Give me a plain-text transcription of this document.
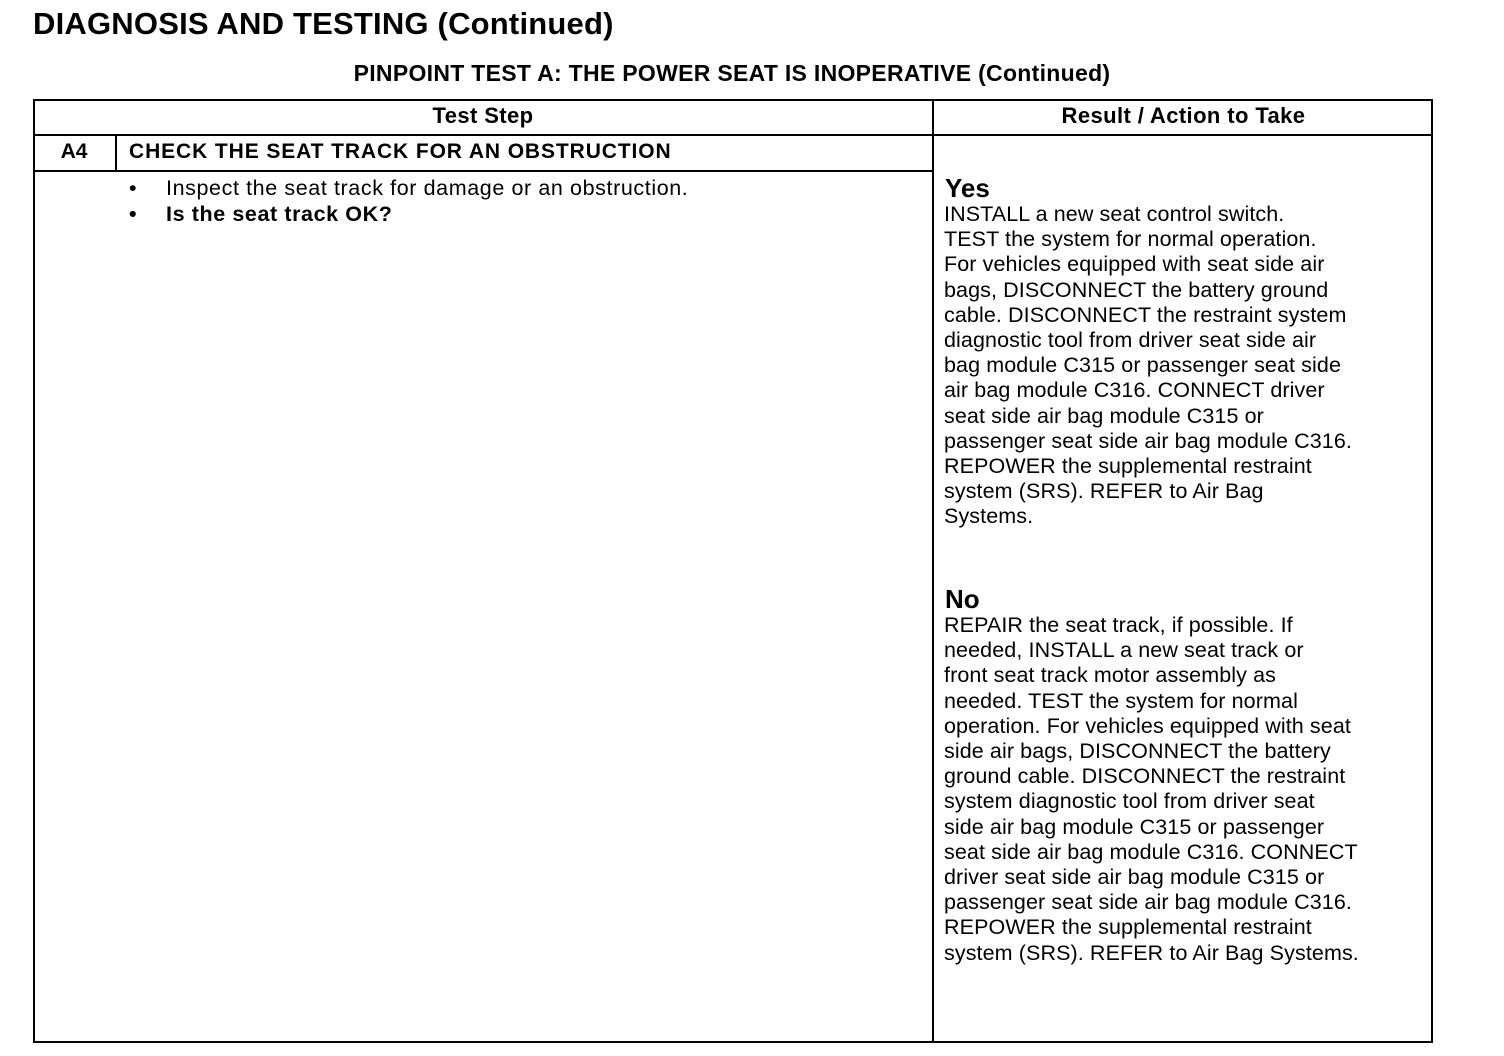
DIAGNOSIS AND TESTING (Continued)
PINPOINT TEST A: THE POWER SEAT IS INOPERATIVE (Continued)
Test Step	Result / Action to Take
A4	CHECK THE SEAT TRACK FOR AN OBSTRUCTION
• Inspect the seat track for damage or an obstruction.
• Is the seat track OK?
Yes
INSTALL a new seat control switch.
TEST the system for normal operation.
For vehicles equipped with seat side air
bags, DISCONNECT the battery ground
cable. DISCONNECT the restraint system
diagnostic tool from driver seat side air
bag module C315 or passenger seat side
air bag module C316. CONNECT driver
seat side air bag module C315 or
passenger seat side air bag module C316.
REPOWER the supplemental restraint
system (SRS). REFER to Air Bag
Systems.
No
REPAIR the seat track, if possible. If
needed, INSTALL a new seat track or
front seat track motor assembly as
needed. TEST the system for normal
operation. For vehicles equipped with seat
side air bags, DISCONNECT the battery
ground cable. DISCONNECT the restraint
system diagnostic tool from driver seat
side air bag module C315 or passenger
seat side air bag module C316. CONNECT
driver seat side air bag module C315 or
passenger seat side air bag module C316.
REPOWER the supplemental restraint
system (SRS). REFER to Air Bag Systems.
